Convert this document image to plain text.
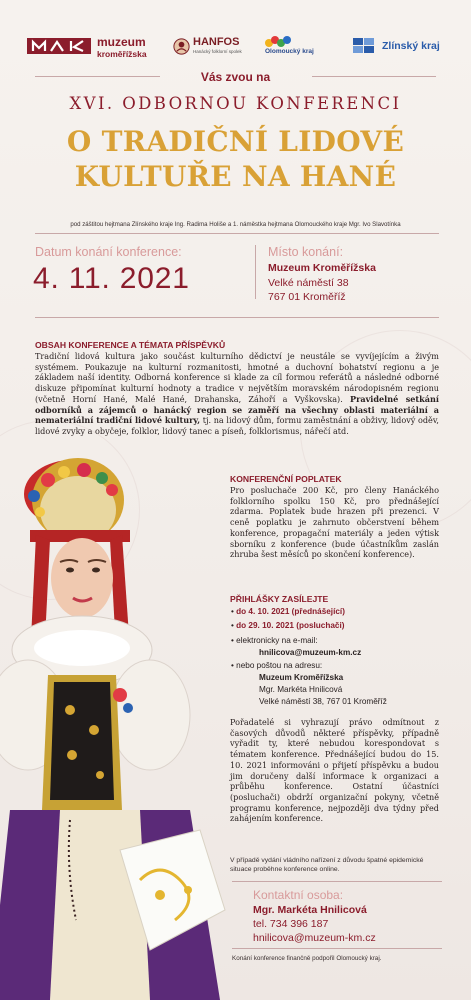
muzeum
kroměřížska
HANFOS
Hanácký folklorní spolek	Olomoucký kraj	Zlínský kraj
Vás zvou na
XVI. ODBORNOU KONFERENCI
O TRADIČNÍ LIDOVÉ
KULTUŘE NA HANÉ
pod záštitou hejtmana Zlínského kraje Ing. Radima Holiše a 1. náměstka hejtmana Olomouckého kraje Mgr. Ivo Slavotínka
Datum konání konference:
4. 11. 2021
Místo konání:
Muzeum Kroměřížska
Velké náměstí 38
767 01 Kroměříž
OBSAH KONFERENCE A TÉMATA PŘÍSPĚVKŮ
Tradiční lidová kultura jako součást kulturního dědictví je neustále se vyvíjejícím a živým systémem. Poukazuje na kulturní rozmanitosti, hmotné a duchovní bohatství regionu a je základem naší identity. Odborná konference si klade za cíl formou referátů a následné odborné diskuze připomínat kulturní hodnoty a tradice v největším moravském národopisném regionu (včetně Horní Hané, Malé Hané, Drahanska, Záhoří a Vyškovska). Pravidelné setkání odborníků a zájemců o hanácký region se zaměří na všechny oblasti materiální a nemateriální tradiční lidové kultury, tj. na lidový dům, formu zaměstnání a obživy, lidový oděv, lidové zvyky a obyčeje, folklor, lidový tanec a píseň, folklorismus, nářečí atd.
KONFERENČNÍ POPLATEK
Pro posluchače 200 Kč, pro členy Hanáckého folklorního spolku 150 Kč, pro přednášející zdarma. Poplatek bude hrazen při prezenci. V ceně poplatku je zahrnuto občerstvení během konference, propagační materiály a jeden výtisk sborníku z konference (bude účastníkům zaslán zhruba šest měsíců po skončení konference).
PŘIHLÁŠKY ZASÍLEJTE
• do 4. 10. 2021 (přednášející)
• do 29. 10. 2021 (posluchači)
• elektronicky na e-mail:
hnilicova@muzeum-km.cz
• nebo poštou na adresu:
Muzeum Kroměřížska
Mgr. Markéta Hnilicová
Velké náměstí 38, 767 01 Kroměříž
Pořadatelé si vyhrazují právo odmítnout z časových důvodů některé příspěvky, případně vyřadit ty, které nebudou korespondovat s tématem konference. Přednášející budou do 15. 10. 2021 informováni o přijetí příspěvku a budou jim doručeny další informace k organizaci a průběhu konference. Ostatní účastníci (posluchači) obdrží organizační pokyny, včetně programu konference, nejpozději dva týdny před zahájením konference.
V případě vydání vládního nařízení z důvodu špatné epidemické situace proběhne konference online.
Kontaktní osoba:
Mgr. Markéta Hnilicová
tel. 734 396 187
hnilicova@muzeum-km.cz
Konání konference finančně podpořil Olomoucký kraj.
